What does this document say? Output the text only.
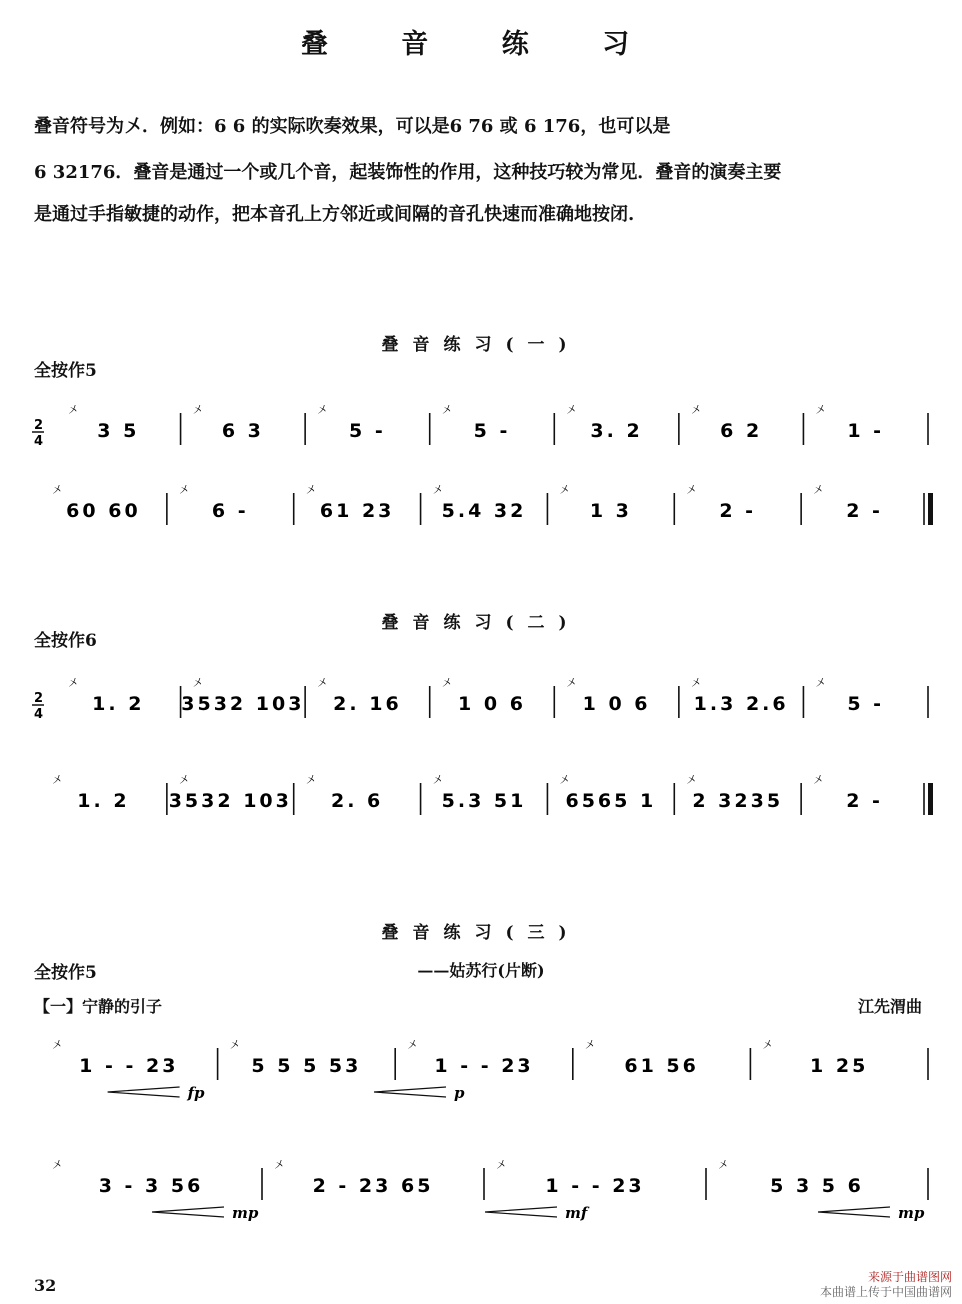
叠 音 练 习
叠音符号为〤．例如：6 6 的实际吹奏效果，可以是6 76 或 6 176，也可以是
6 32176．叠音是通过一个或几个音，起装饰性的作用，这种技巧较为常见．叠音的演奏主要
是通过手指敏捷的动作，把本音孔上方邻近或间隔的音孔快速而准确地按闭.
叠音练习(一)
全按作5
2
4	3 5
〤
6 3
〤
5 -
〤
5 -
〤
3. 2
〤
6 2
〤
1 -
〤
60 60
〤
6 -
〤
61 23
〤
5.4 32
〤
1 3
〤
2 -
〤
2 -
〤
叠音练习(二)
全按作6
2
4	1. 2
〤
3532 103
〤
2. 16
〤
1 0 6
〤
1 0 6
〤
1.3 2.6
〤
5 -
〤
1. 2
〤
3532 103
〤
2. 6
〤
5.3 51
〤
6565 1
〤
2 3235
〤
2 -
〤
叠音练习(三)
全按作5	——姑苏行(片断)
【一】宁静的引子	江先渭曲
1 - - 23
〤
5 5 5 53
〤
1 - - 23
〤
61 56
〤
1 25
〤
fp	p
3 - 3 56
〤
2 - 23 65
〤
1 - - 23
〤
5 3 5 6
〤
mp	mf	mp
32	来源于曲谱图网
本曲谱上传于中国曲谱网
